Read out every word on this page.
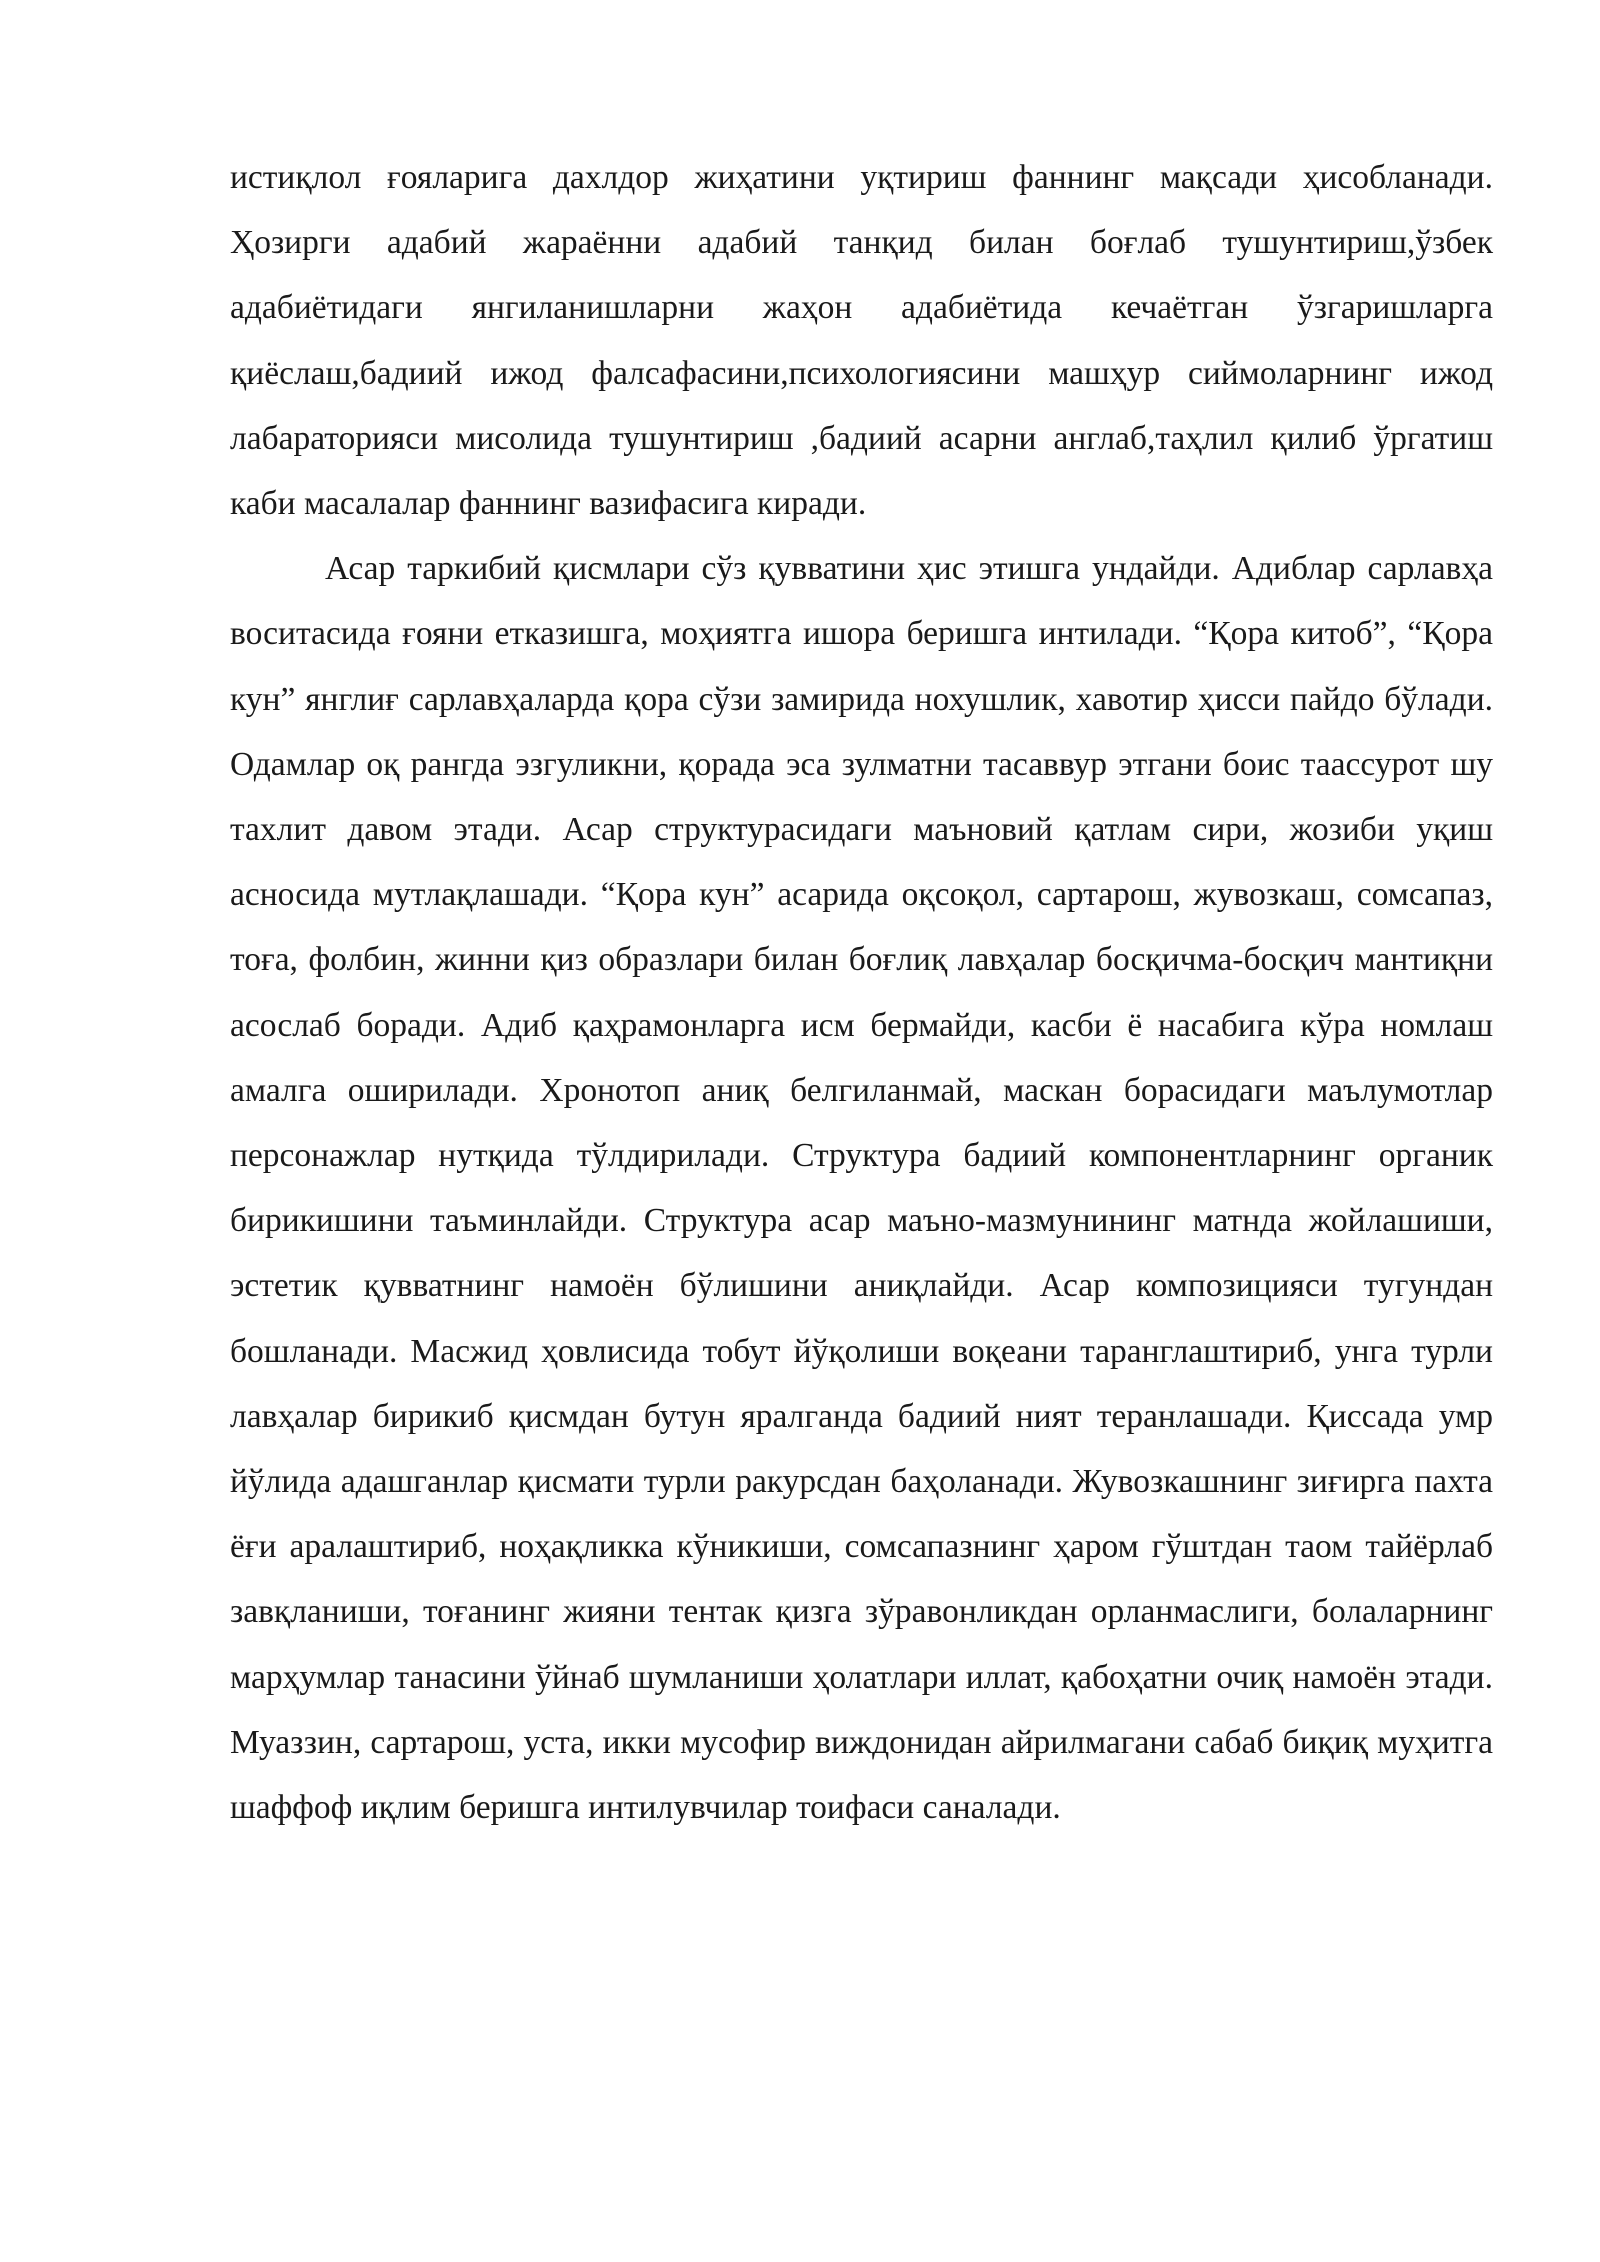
истиқлол ғояларига дахлдор жиҳатини уқтириш фаннинг мақсади ҳисобланади. Ҳозирги адабий жараённи адабий танқид билан боғлаб тушунтириш,ўзбек адабиётидаги янгиланишларни жаҳон адабиётида кечаётган ўзгаришларга қиёслаш,бадиий ижод фалсафасини,психологиясини машҳур сиймоларнинг ижод лабараторияси мисолида тушунтириш ,бадиий асарни англаб,таҳлил қилиб ўргатиш каби масалалар фаннинг вазифасига киради.

Асар таркибий қисмлари сўз қувватини ҳис этишга ундайди. Адиблар сарлавҳа воситасида ғояни етказишга, моҳиятга ишора беришга интилади. “Қора китоб”, “Қора кун” янглиғ сарлавҳаларда қора сўзи замирида нохушлик, хавотир ҳисси пайдо бўлади. Одамлар оқ рангда эзгуликни, қорада эса зулматни тасаввур этгани боис таассурот шу тахлит давом этади. Асар структурасидаги маъновий қатлам сири, жозиби уқиш асносида мутлақлашади. “Қора кун” асарида оқсоқол, сартарош, жувозкаш, сомсапаз, тоға, фолбин, жинни қиз образлари билан боғлиқ лавҳалар босқичма-босқич мантиқни асослаб боради. Адиб қаҳрамонларга исм бермайди, касби ё насабига кўра номлаш амалга оширилади. Хронотоп аниқ белгиланмай, маскан борасидаги маълумотлар персонажлар нутқида тўлдирилади. Структура бадиий компонентларнинг органик бирикишини таъминлайди. Структура асар маъно-мазмунининг матнда жойлашиши, эстетик қувватнинг намоён бўлишини аниқлайди. Асар композицияси тугундан бошланади. Масжид ҳовлисида тобут йўқолиши воқеани таранглаштириб, унга турли лавҳалар бирикиб қисмдан бутун яралганда бадиий ният теранлашади. Қиссада умр йўлида адашганлар қисмати турли ракурсдан баҳоланади. Жувозкашнинг зиғирга пахта ёғи аралаштириб, ноҳақликка кўникиши, сомсапазнинг ҳаром гўштдан таом тайёрлаб завқланиши, тоғанинг жияни тентак қизга зўравонликдан орланмаслиги, болаларнинг марҳумлар танасини ўйнаб шумланиши ҳолатлари иллат, қабоҳатни очиқ намоён этади. Муаззин, сартарош, уста, икки мусофир виждонидан айрилмагани сабаб биқиқ муҳитга шаффоф иқлим беришга интилувчилар тоифаси саналади.
